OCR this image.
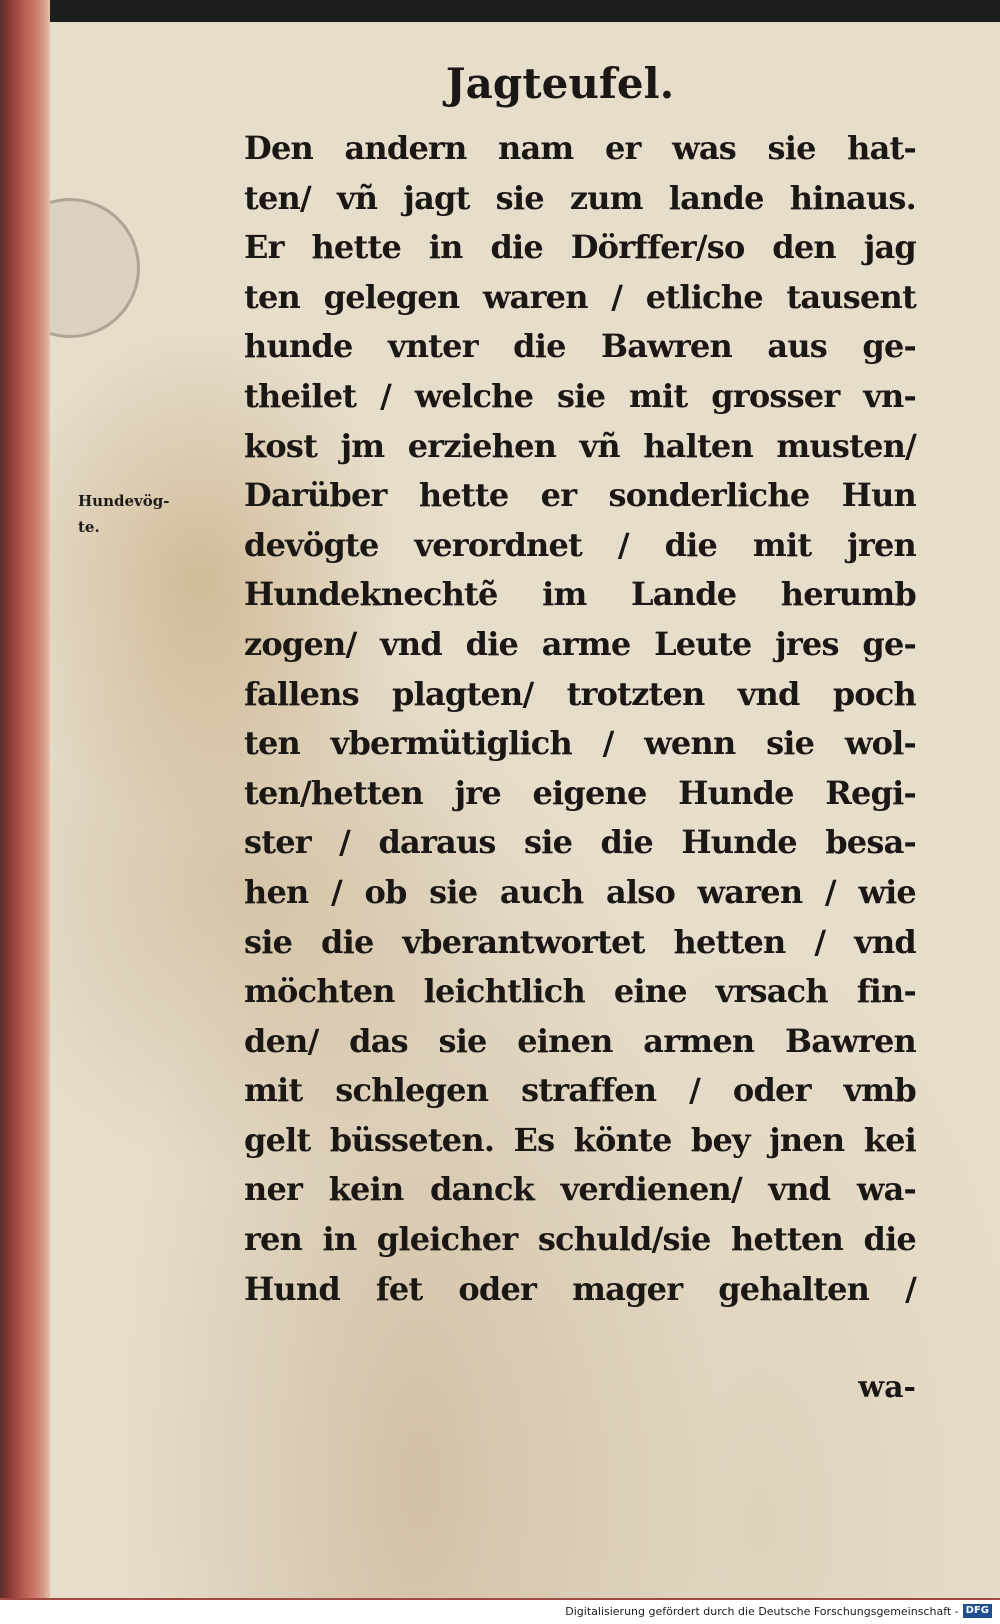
Jagteufel.
Hundevög-
te.
Den andern nam er was sie hat-
ten/ vñ jagt sie zum lande hinaus.
Er hette in die Dörffer/so den jag
ten gelegen waren / etliche tausent
hunde vnter die Bawren aus ge-
theilet / welche sie mit grosser vn-
kost jm erziehen vñ halten musten/
Darüber hette er sonderliche Hun
devögte verordnet / die mit jren
Hundeknechtẽ im Lande herumb
zogen/ vnd die arme Leute jres ge-
fallens plagten/ trotzten vnd poch
ten vbermütiglich / wenn sie wol-
ten/hetten jre eigene Hunde Regi-
ster / daraus sie die Hunde besa-
hen / ob sie auch also waren / wie
sie die vberantwortet hetten / vnd
möchten leichtlich eine vrsach fin-
den/ das sie einen armen Bawren
mit schlegen straffen / oder vmb
gelt büsseten. Es könte bey jnen kei
ner kein danck verdienen/ vnd wa-
ren in gleicher schuld/sie hetten die
Hund fet oder mager gehalten /
wa-
Digitalisierung gefördert durch die Deutsche Forschungsgemeinschaft - DFG
